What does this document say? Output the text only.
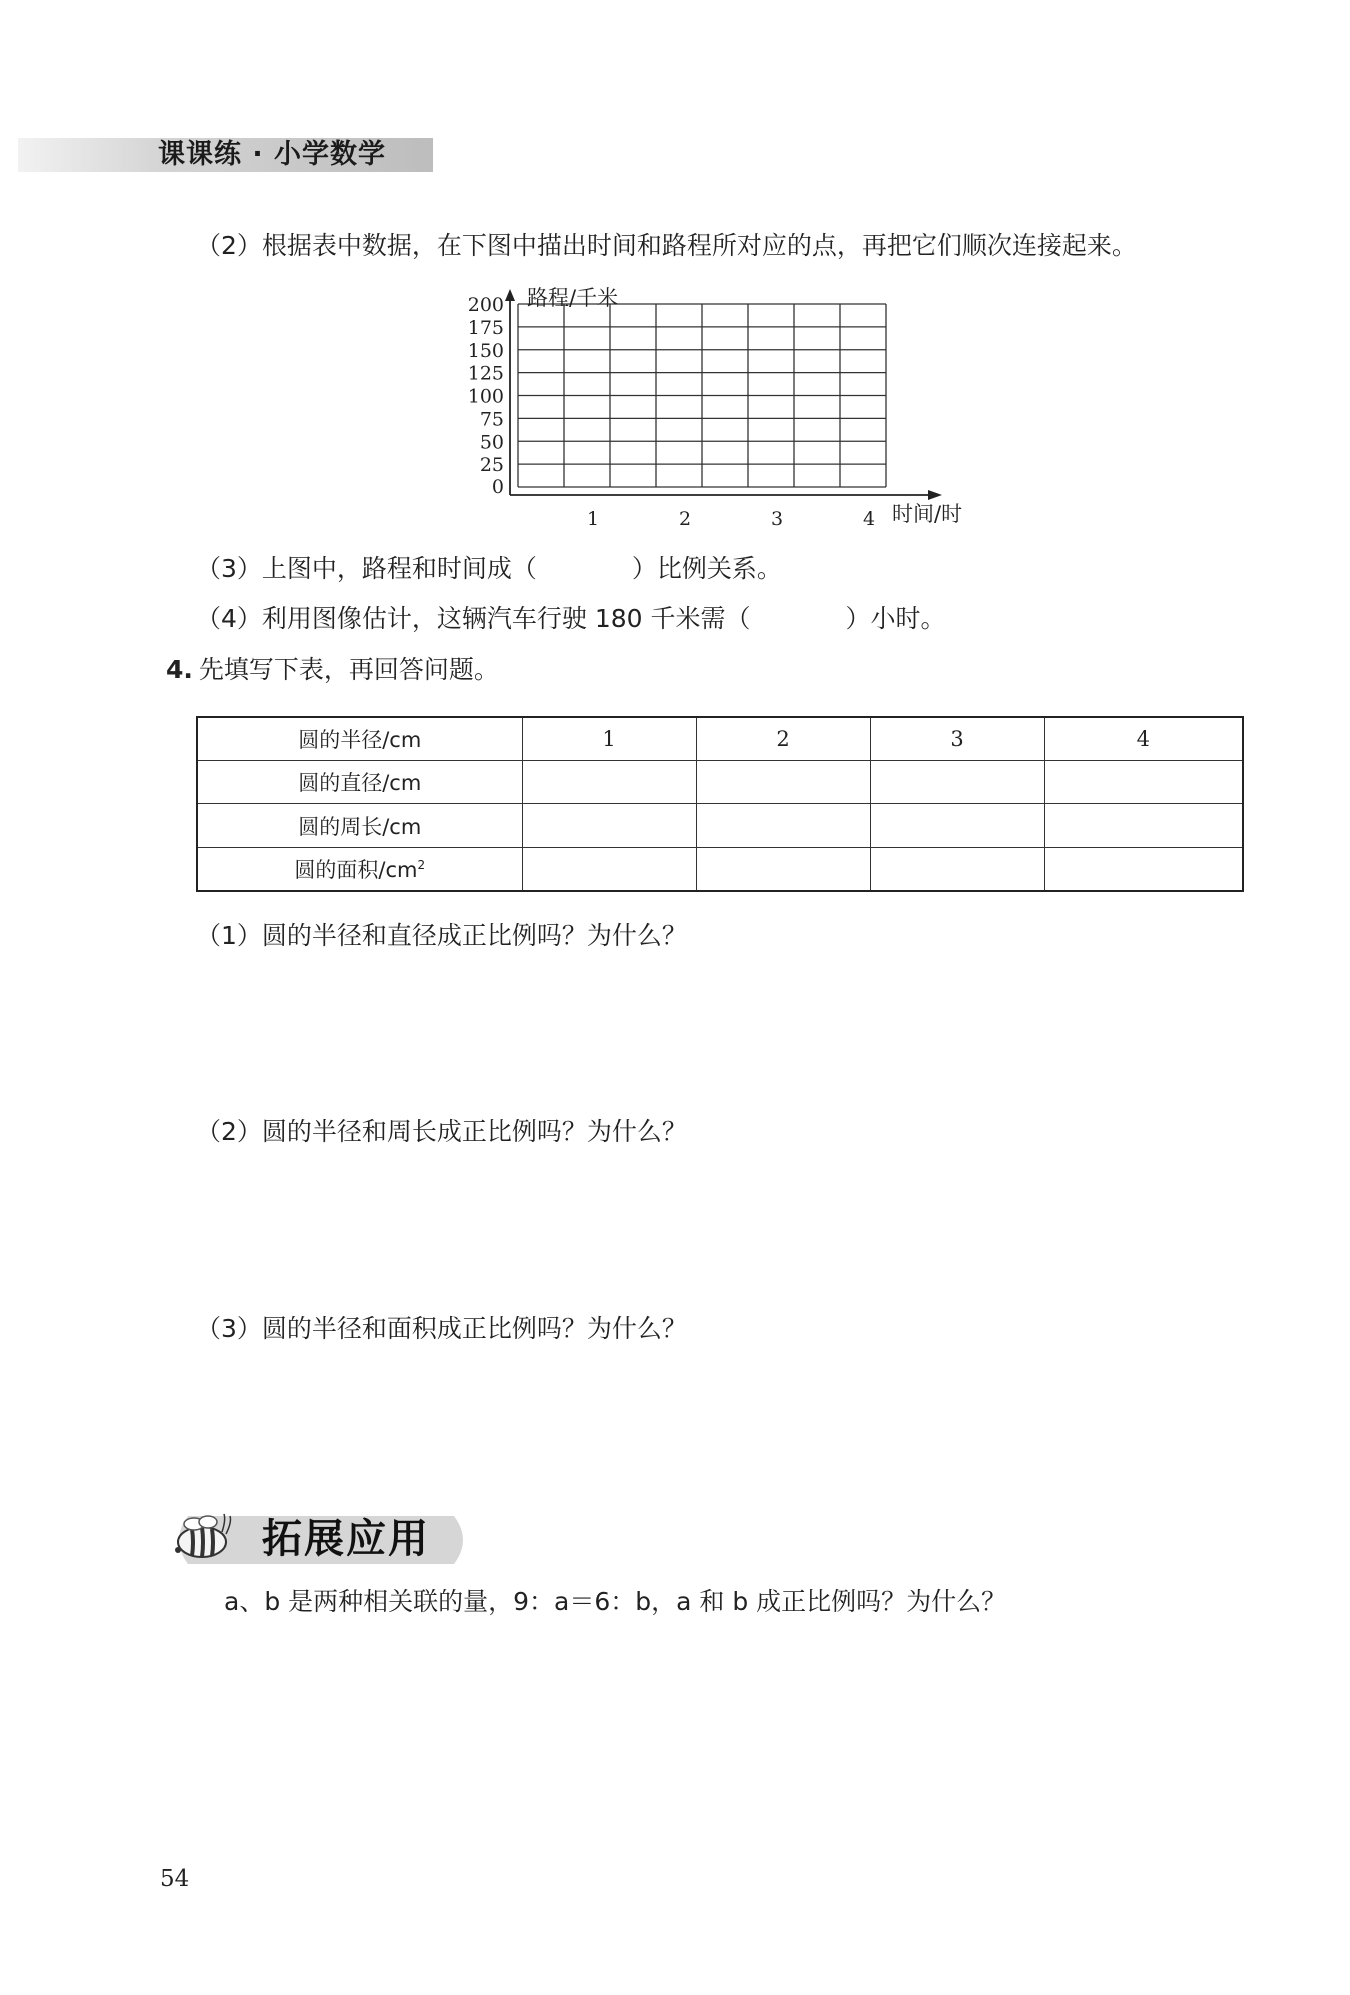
课课练 · 小学数学
（2）根据表中数据，在下图中描出时间和路程所对应的点，再把它们顺次连接起来。
0
25
50
75
100
125
150
175
200
1	2	3	4
路程/千米
时间/时
（3）上图中，路程和时间成（	）比例关系。
（4）利用图像估计，这辆汽车行驶 180 千米需（	）小时。
4. 先填写下表，再回答问题。
圆的半径/cm	1	2	3	4
圆的直径/cm				
圆的周长/cm				
圆的面积$/cm^2$				
（1）圆的半径和直径成正比例吗？为什么？
（2）圆的半径和周长成正比例吗？为什么？
（3）圆的半径和面积成正比例吗？为什么？
拓展应用
a、b 是两种相关联的量，9：a＝6：b，a 和 b 成正比例吗？为什么？
54
